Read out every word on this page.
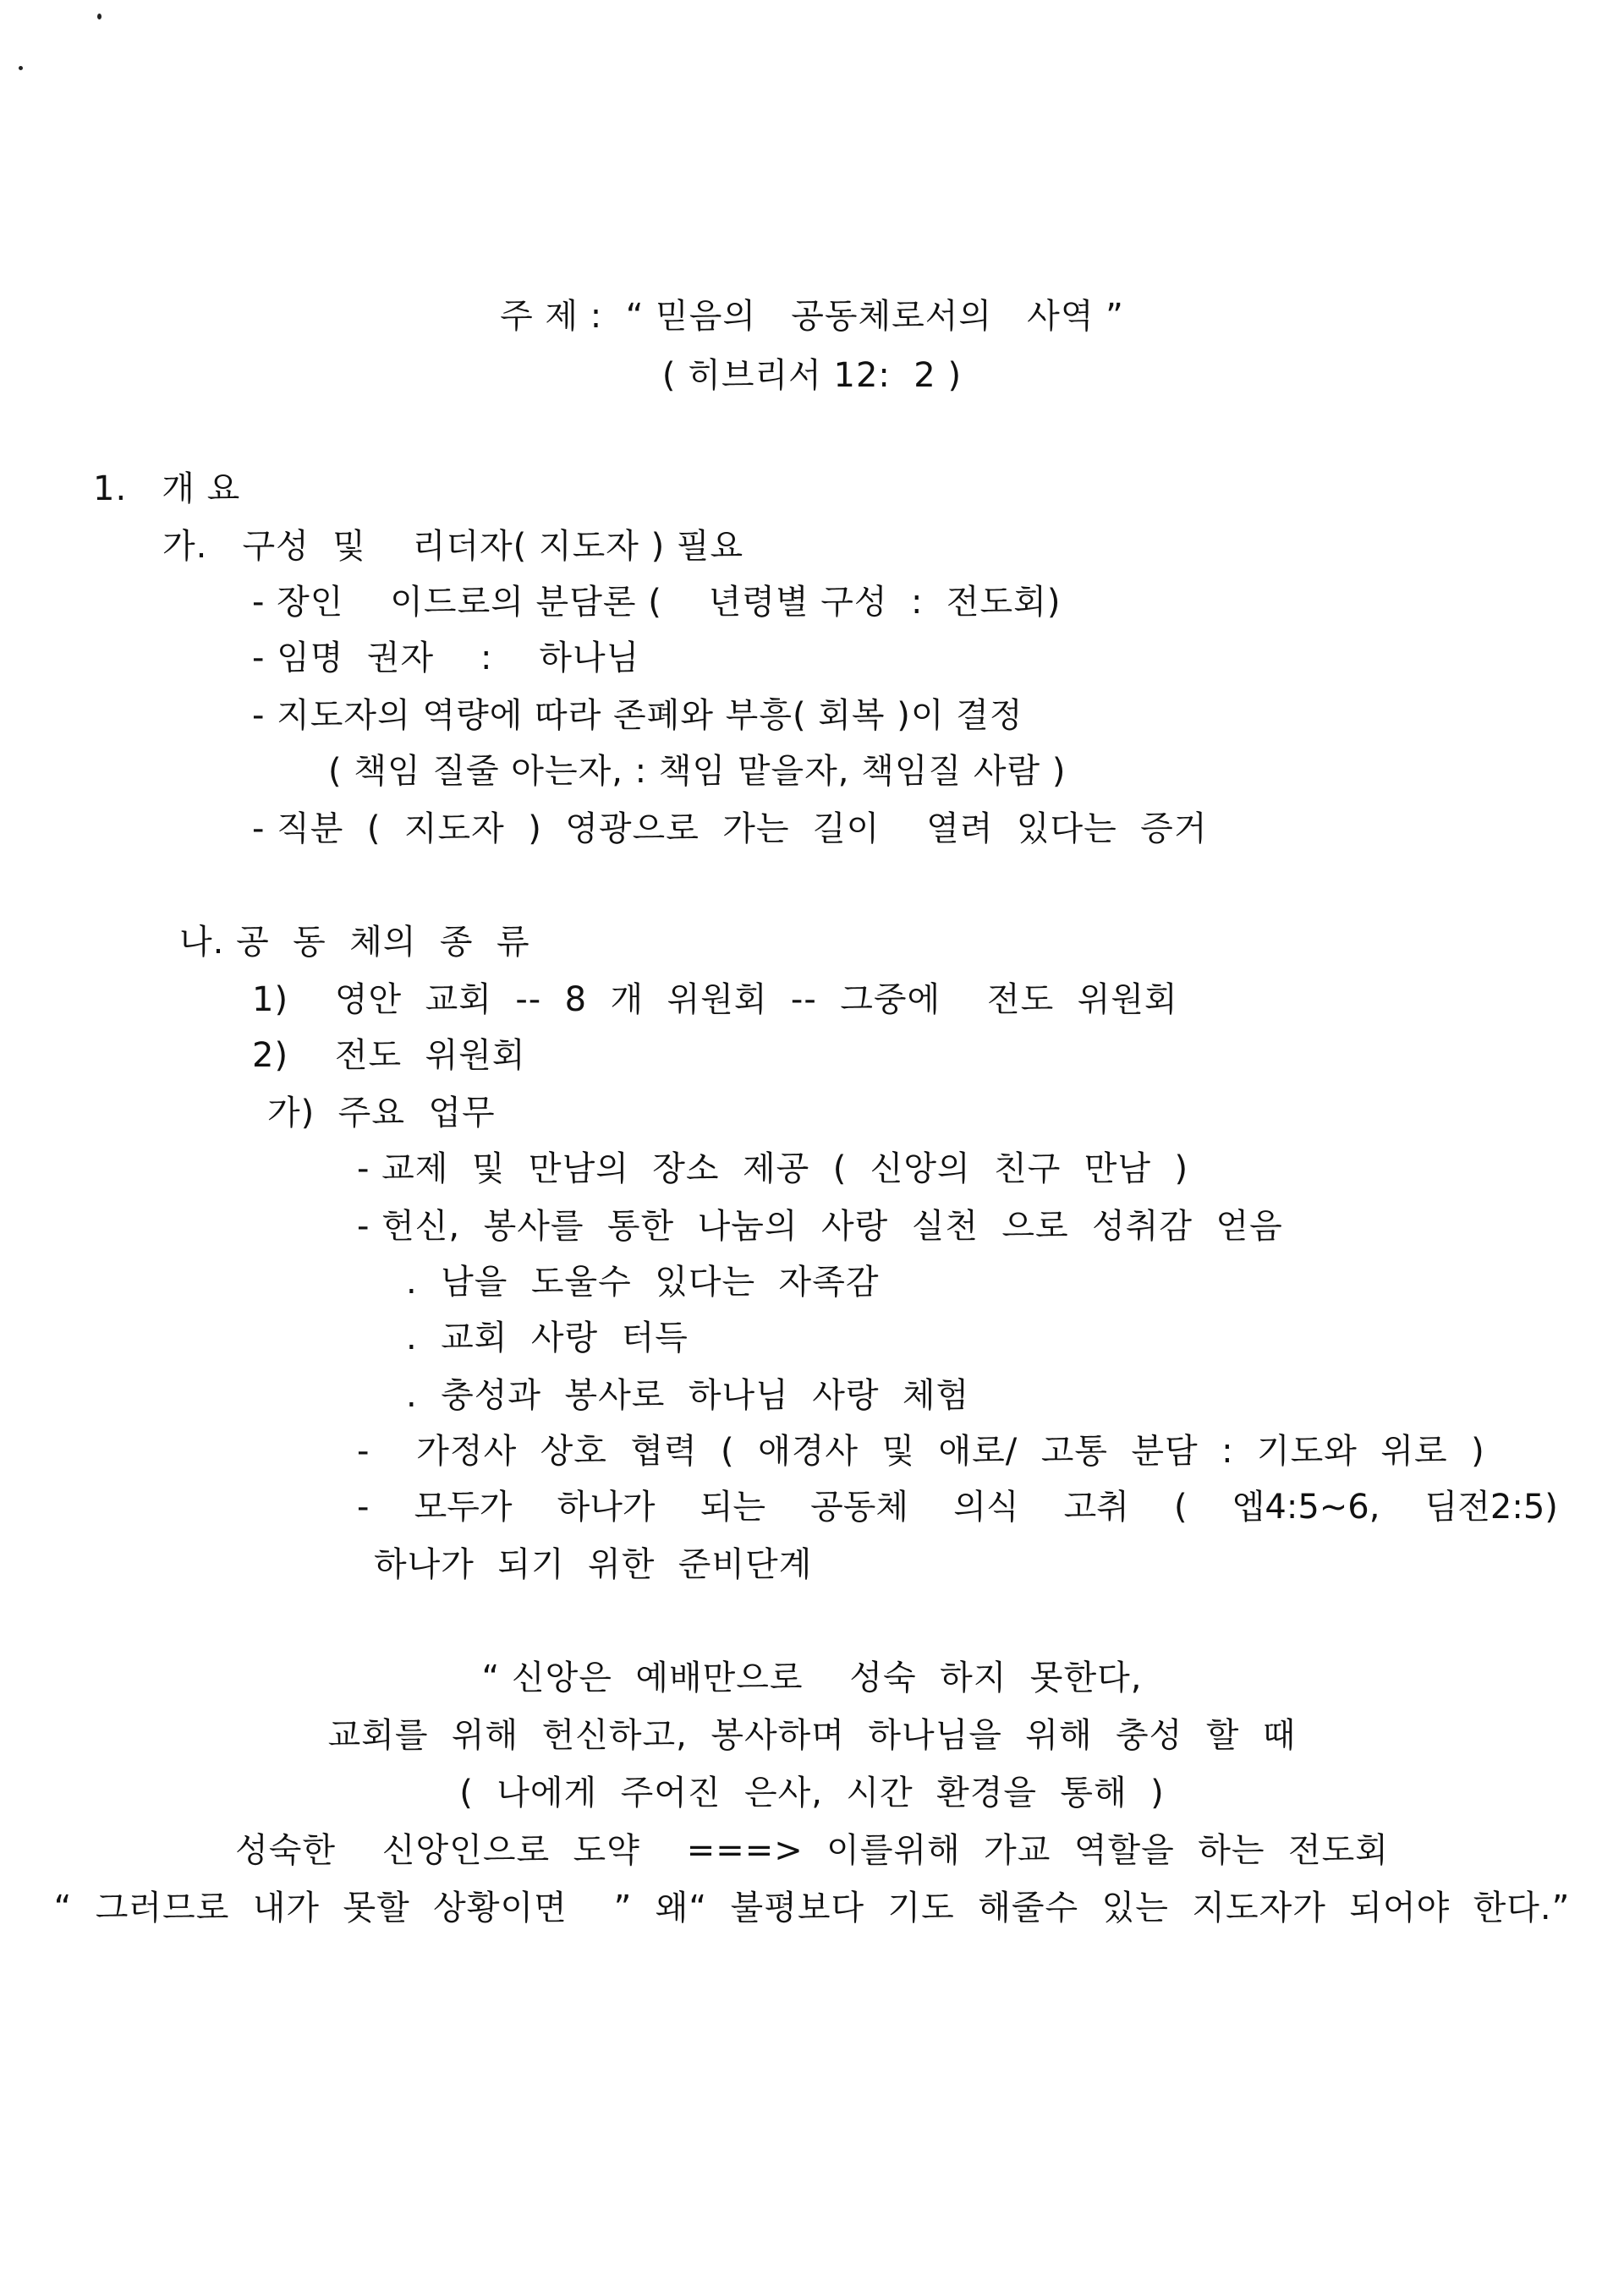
주 제 :  “ 믿음의   공동체로서의   사역 ”
( 히브리서 12:  2 )
1.   개 요
가.   구성  및    리더자( 지도자 ) 필요
- 장인    이드로의 분담론 (    년령별 구성  :  전도회)
- 임명  권자    :    하나님
- 지도자의 역량에 따라 존폐와 부흥( 회복 )이 결정
( 책임 질줄 아는자, : 책임 맡을자, 책임질 사람 )
- 직분  (  지도자  )  영광으로  가는  길이    열려  있다는  증거
나. 공  동  체의  종  류
1)    영안  교회  --  8  개  위원회  --  그중에    전도  위원회
2)    전도  위원회
가)  주요  업무
- 교제  및  만남의  장소  제공  (  신앙의  친구  만남  )
- 헌신,  봉사를  통한  나눔의  사랑  실천  으로  성취감  얻음
.  남을  도울수  있다는  자족감
.  교회  사랑  터득
.  충성과  봉사로  하나님  사랑  체험
-    가정사  상호  협력  (  애경사  및  애로/  고통  분담  :  기도와  위로  )
- 모두가 하나가 되는 공동체 의식 고취 ( 엡4:5~6, 딤전2:5)
하나가  되기  위한  준비단계
“ 신앙은  예배만으로    성숙  하지  못한다,
교회를  위해  헌신하고,  봉사하며  하나님을  위해  충성  할  때
(  나에게  주어진  은사,  시간  환경을  통해  )
성숙한    신앙인으로  도약    ===>  이를위해  가교  역할을  하는  전도회
“  그러므로  내가  못할  상황이면    ”  왜“  불평보다  기도  해줄수  있는  지도자가  되어야  한다.”
